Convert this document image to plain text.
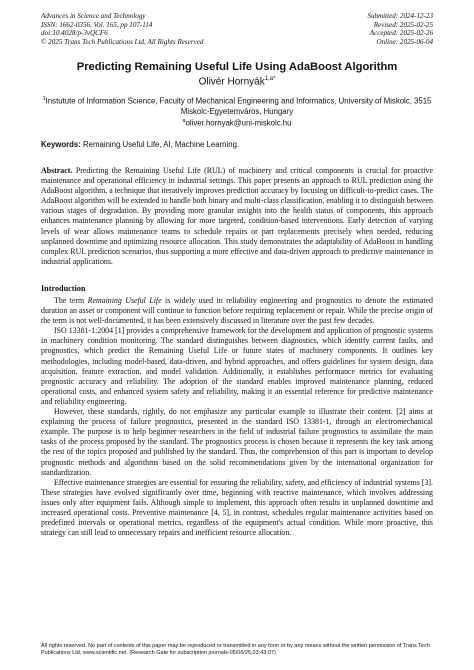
Advances in Science and Technology
ISSN: 1662-0356, Vol. 165, pp 107-114
doi:10.4028/p-3vQCF6
© 2025 Trans Tech Publications Ltd, All Rights Reserved
Submitted: 2024-12-23
Revised: 2025-02-25
Accepted: 2025-02-26
Online: 2025-06-04
Predicting Remaining Useful Life Using AdaBoost Algorithm
Olivér Hornyák$^{1,a*}$
$^1$Instutute of Information Science, Faculty of Mechanical Engineering and Informatics, University of Miskolc, 3515 Miskolc-Egyetemváros, Hungary
$^a$oliver.hornyak@uni-miskolc.hu
Keywords: Remaining Useful Life, AI, Machine Learning.
Abstract. Predicting the Remaining Useful Life (RUL) of machinery and critical components is crucial for proactive maintenance and operational efficiency in industrial settings. This paper presents an approach to RUL prediction using the AdaBoost algorithm, a technique that iteratively improves prediction accuracy by focusing on difficult-to-predict cases. The AdaBoost algorithm will be extended to handle both binary and multi-class classification, enabling it to distinguish between various stages of degradation. By providing more granular insights into the health status of components, this approach enhances maintenance planning by allowing for more targeted, condition-based interventions. Early detection of varying levels of wear allows maintenance teams to schedule repairs or part replacements precisely when needed, reducing unplanned downtime and optimizing resource allocation. This study demonstrates the adaptability of AdaBoost in handling complex RUL prediction scenarios, thus supporting a more effective and data-driven approach to predictive maintenance in industrial applications.
Introduction

The term Remaining Useful Life is widely used in reliability engineering and prognostics to denote the estimated duration an asset or component will continue to function before requiring replacement or repair. While the precise origin of the term is not well-documented, it has been extensively discussed in literature over the past few decades.

ISO 13381-1:2004 [1] provides a comprehensive framework for the development and application of prognostic systems in machinery condition monitoring. The standard distinguishes between diagnostics, which identify current faults, and prognostics, which predict the Remaining Useful Life or future states of machinery components. It outlines key methodologies, including model-based, data-driven, and hybrid approaches, and offers guidelines for system design, data acquisition, feature extraction, and model validation. Additionally, it establishes performance metrics for evaluating prognostic accuracy and reliability. The adoption of the standard enables improved maintenance planning, reduced operational costs, and enhanced system safety and reliability, making it an essential reference for predictive maintenance and reliability engineering.

However, these standards, rightly, do not emphasize any particular example to illustrate their content. [2] aims at explaining the process of failure prognostics, presented in the standard ISO 13381-1, through an electromechanical example. The purpose is to help beginner researchers in the field of industrial failure prognostics to assimilate the main tasks of the process proposed by the standard. The prognostics process is chosen because it represents the key task among the rest of the topics proposed and published by the standard. Thus, the comprehension of this part is important to develop prognostic methods and algorithms based on the solid recommendations given by the international organization for standardization.

Effective maintenance strategies are essential for ensuring the reliability, safety, and efficiency of industrial systems [3]. These strategies have evolved significantly over time, beginning with reactive maintenance, which involves addressing issues only after equipment fails. Although simple to implement, this approach often results in unplanned downtime and increased operational costs. Preventive maintenance [4, 5], in contrast, schedules regular maintenance activities based on predefined intervals or operational metrics, regardless of the equipment's actual condition. While more proactive, this strategy can still lead to unnecessary repairs and inefficient resource allocation.

All rights reserved. No part of contents of this paper may be reproduced or transmitted in any form or by any means without the written permission of Trans Tech Publications Ltd, www.scientific.net. (Research Gate for subscription journals-05/06/25,03:43:07)
